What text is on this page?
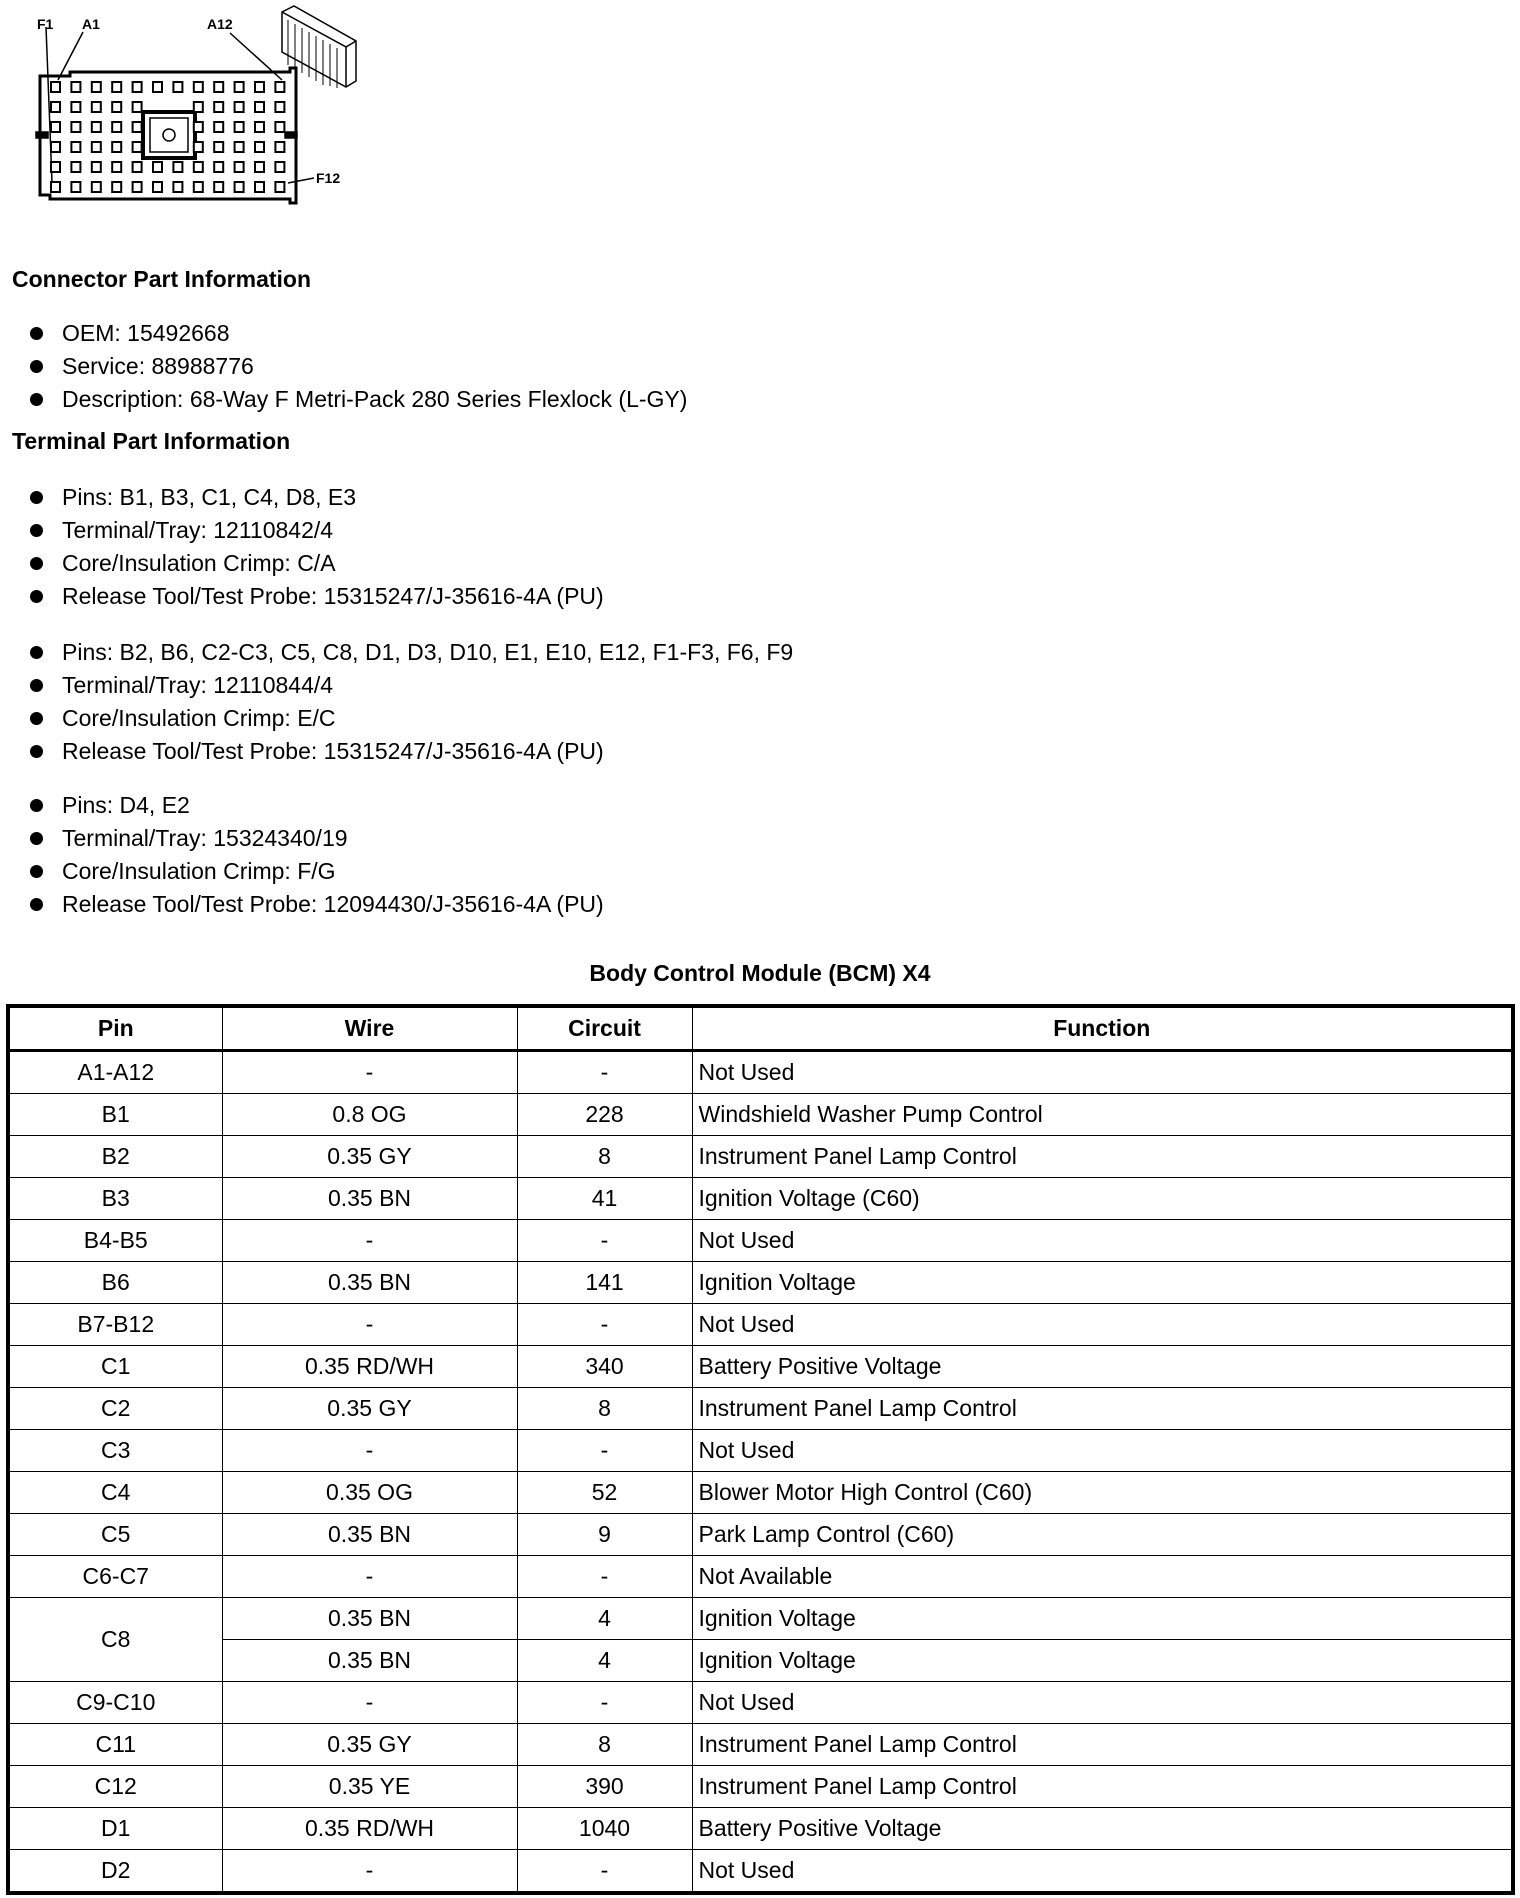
F1 A1	A12
F12
Connector Part Information
OEM: 15492668
Service: 88988776
Description: 68-Way F Metri-Pack 280 Series Flexlock (L-GY)
Terminal Part Information
Pins: B1, B3, C1, C4, D8, E3
Terminal/Tray: 12110842/4
Core/Insulation Crimp: C/A
Release Tool/Test Probe: 15315247/J-35616-4A (PU)
Pins: B2, B6, C2-C3, C5, C8, D1, D3, D10, E1, E10, E12, F1-F3, F6, F9
Terminal/Tray: 12110844/4
Core/Insulation Crimp: E/C
Release Tool/Test Probe: 15315247/J-35616-4A (PU)
Pins: D4, E2
Terminal/Tray: 15324340/19
Core/Insulation Crimp: F/G
Release Tool/Test Probe: 12094430/J-35616-4A (PU)
Body Control Module (BCM) X4
Pin	Wire	Circuit	Function
A1-A12	-	-	Not Used
B1	0.8 OG	228	Windshield Washer Pump Control
B2	0.35 GY	8	Instrument Panel Lamp Control
B3	0.35 BN	41	Ignition Voltage (C60)
B4-B5	-	-	Not Used
B6	0.35 BN	141	Ignition Voltage
B7-B12	-	-	Not Used
C1	0.35 RD/WH	340	Battery Positive Voltage
C2	0.35 GY	8	Instrument Panel Lamp Control
C3	-	-	Not Used
C4	0.35 OG	52	Blower Motor High Control (C60)
C5	0.35 BN	9	Park Lamp Control (C60)
C6-C7	-	-	Not Available
C8	0.35 BN	4	Ignition Voltage
	0.35 BN	4	Ignition Voltage
C9-C10	-	-	Not Used
C11	0.35 GY	8	Instrument Panel Lamp Control
C12	0.35 YE	390	Instrument Panel Lamp Control
D1	0.35 RD/WH	1040	Battery Positive Voltage
D2	-	-	Not Used
